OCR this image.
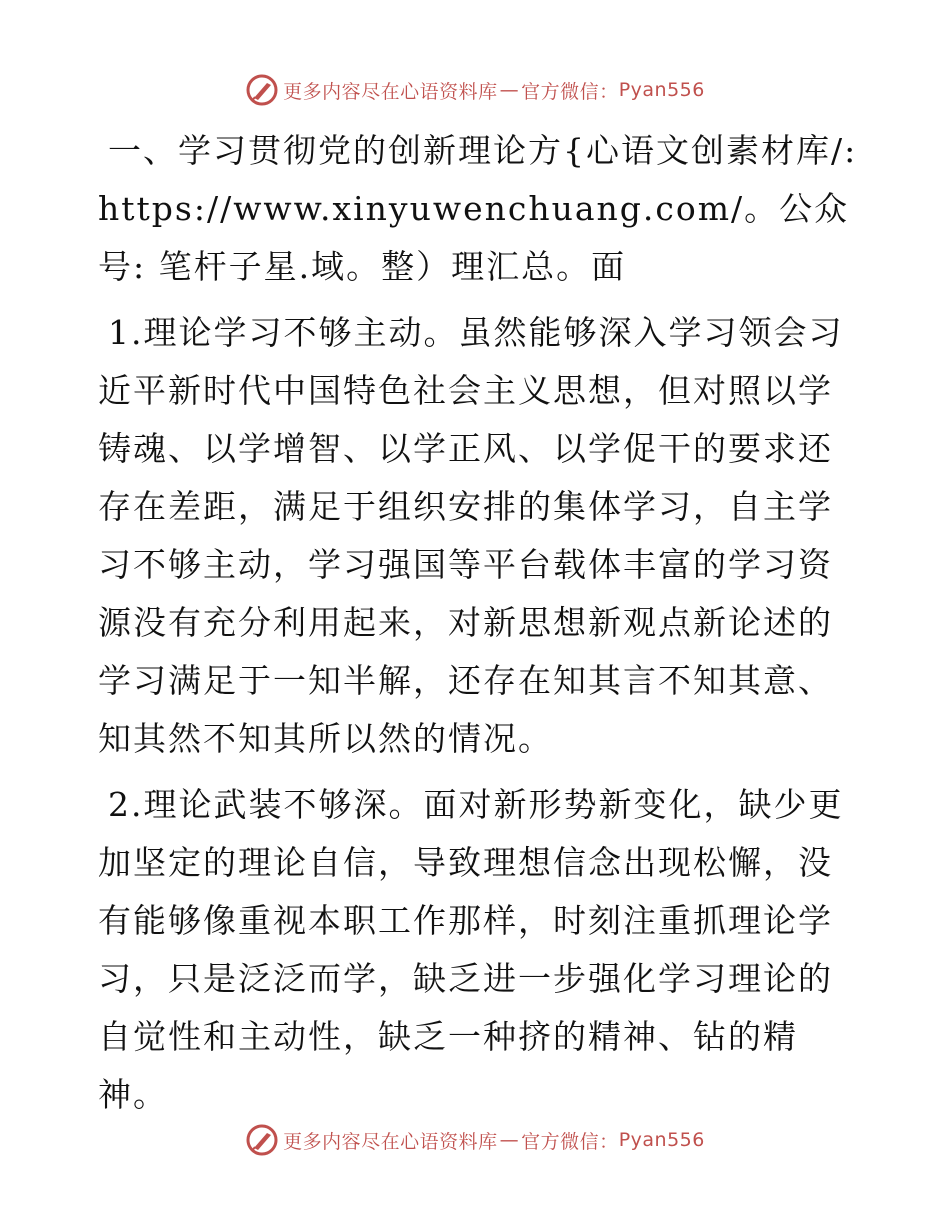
更多内容尽在心语资料库 — 官方微信： Pyan556

一、学习贯彻党的创新理论方{心语文创素材库/: https://www.xinyuwenchuang.com/。公众号: 笔杆子星.域。整）理汇总。面

1.理论学习不够主动。虽然能够深入学习领会习近平新时代中国特色社会主义思想，但对照以学铸魂、以学增智、以学正风、以学促干的要求还存在差距，满足于组织安排的集体学习，自主学习不够主动，学习强国等平台载体丰富的学习资源没有充分利用起来，对新思想新观点新论述的学习满足于一知半解，还存在知其言不知其意、知其然不知其所以然的情况。

2.理论武装不够深。面对新形势新变化，缺少更加坚定的理论自信，导致理想信念出现松懈，没有能够像重视本职工作那样，时刻注重抓理论学习，只是泛泛而学，缺乏进一步强化学习理论的自觉性和主动性，缺乏一种挤的精神、钻的精神。

更多内容尽在心语资料库 — 官方微信： Pyan556
